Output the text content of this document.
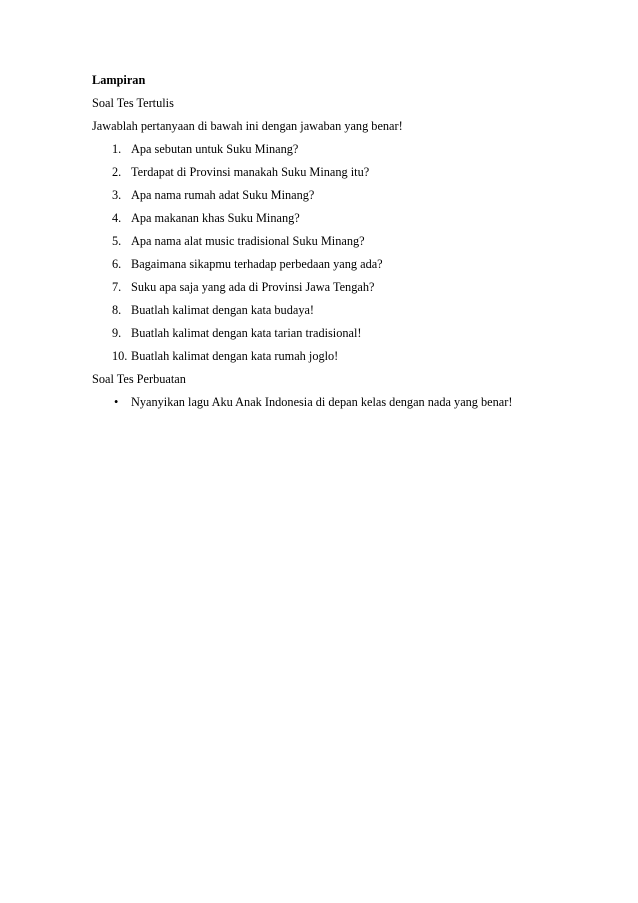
Lampiran
Soal Tes Tertulis
Jawablah pertanyaan di bawah ini dengan jawaban yang benar!
1. Apa sebutan untuk Suku Minang?
2. Terdapat di Provinsi manakah Suku Minang itu?
3. Apa nama rumah adat Suku Minang?
4. Apa makanan khas Suku Minang?
5. Apa nama alat music tradisional Suku Minang?
6. Bagaimana sikapmu terhadap perbedaan yang ada?
7. Suku apa saja yang ada di Provinsi Jawa Tengah?
8. Buatlah kalimat dengan kata budaya!
9. Buatlah kalimat dengan kata tarian tradisional!
10. Buatlah kalimat dengan kata rumah joglo!
Soal Tes Perbuatan
• Nyanyikan lagu Aku Anak Indonesia di depan kelas dengan nada yang benar!
